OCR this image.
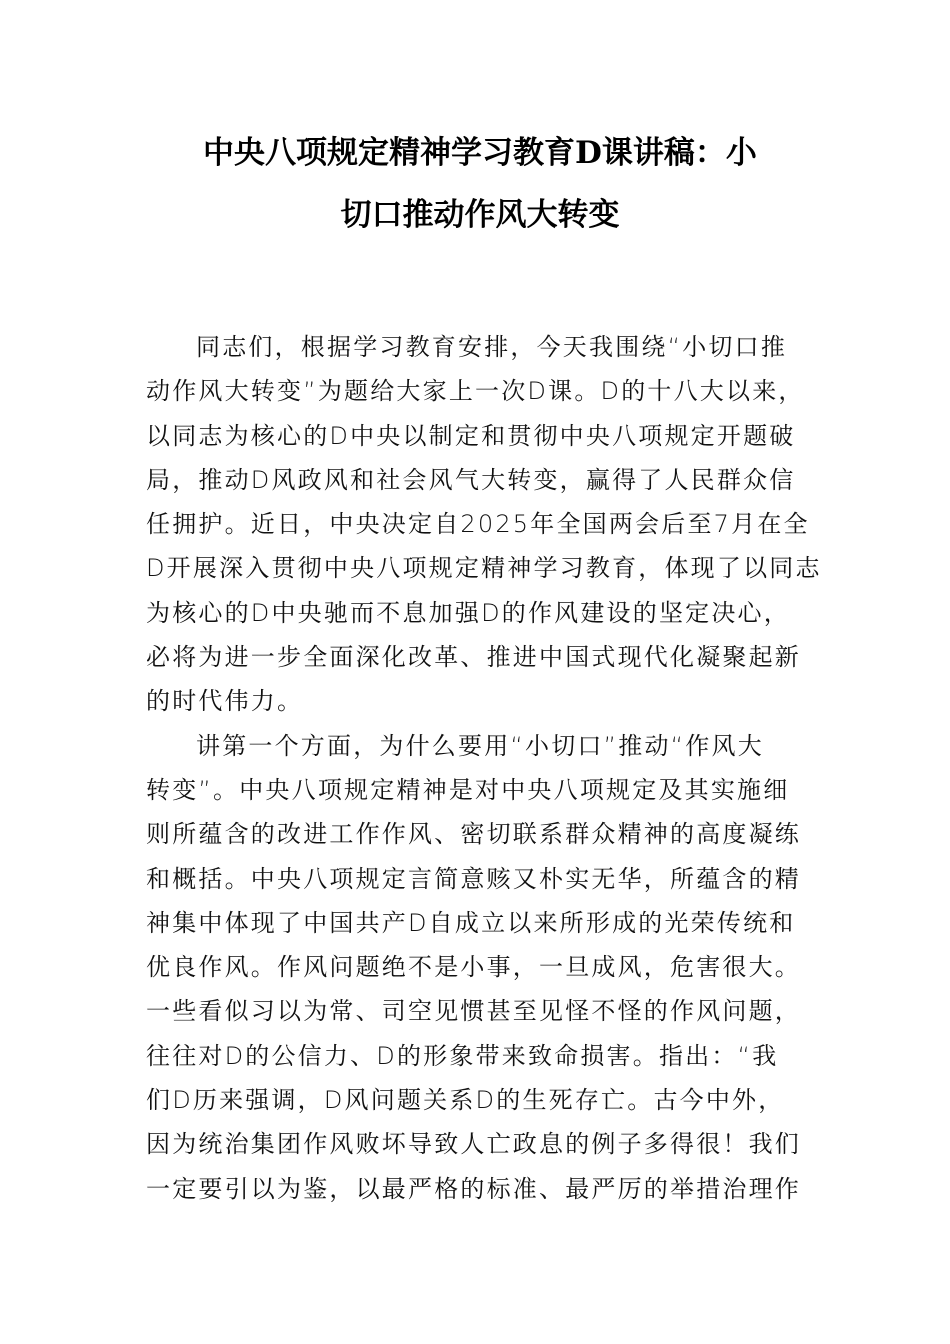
中央八项规定精神学习教育D课讲稿：小
切口推动作风大转变
同志们，根据学习教育安排，今天我围绕“小切口推
动作风大转变”为题给大家上一次D课。D的十八大以来，
以同志为核心的D中央以制定和贯彻中央八项规定开题破
局，推动D风政风和社会风气大转变，赢得了人民群众信
任拥护。近日，中央决定自2025年全国两会后至7月在全
D开展深入贯彻中央八项规定精神学习教育，体现了以同志
为核心的D中央驰而不息加强D的作风建设的坚定决心，
必将为进一步全面深化改革、推进中国式现代化凝聚起新
的时代伟力。
讲第一个方面，为什么要用“小切口”推动“作风大
转变”。中央八项规定精神是对中央八项规定及其实施细
则所蕴含的改进工作作风、密切联系群众精神的高度凝练
和概括。中央八项规定言简意赅又朴实无华，所蕴含的精
神集中体现了中国共产D自成立以来所形成的光荣传统和
优良作风。作风问题绝不是小事，一旦成风，危害很大。
一些看似习以为常、司空见惯甚至见怪不怪的作风问题，
往往对D的公信力、D的形象带来致命损害。指出：“我
们D历来强调，D风问题关系D的生死存亡。古今中外，
因为统治集团作风败坏导致人亡政息的例子多得很！我们
一定要引以为鉴，以最严格的标准、最严厉的举措治理作
